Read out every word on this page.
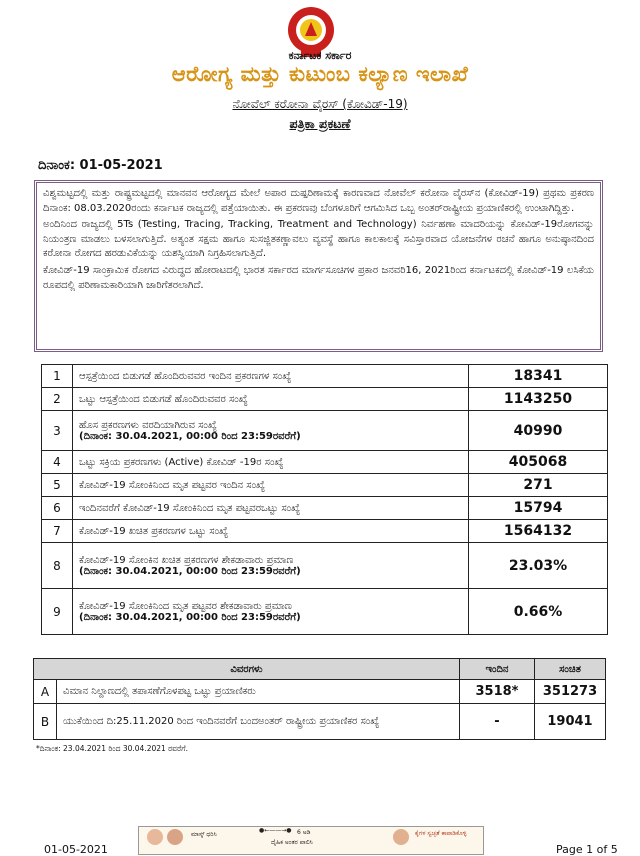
ಕರ್ನಾಟಕ ಸರ್ಕಾರ
ಆರೋಗ್ಯ ಮತ್ತು ಕುಟುಂಬ ಕಲ್ಯಾಣ ಇಲಾಖೆ
ನೋವೆಲ್ ಕರೋನಾ ವೈರಸ್ (ಕೋವಿಡ್-19)
ಪತ್ರಿಕಾ ಪ್ರಕಟಣೆ
ದಿನಾಂಕ: 01-05-2021

ವಿಶ್ವಮಟ್ಟದಲ್ಲಿ ಮತ್ತು ರಾಷ್ಟ್ರಮಟ್ಟದಲ್ಲಿ ಮಾನವನ ಆರೋಗ್ಯದ ಮೇಲೆ ಅಪಾರ ದುಷ್ಪರಿಣಾಮಕ್ಕೆ ಕಾರಣವಾದ ನೋವೆಲ್ ಕರೋನಾ ವೈರಸ್‌ನ (ಕೋವಿಡ್-19) ಪ್ರಥಮ ಪ್ರಕರಣ ದಿನಾಂಕ: 08.03.2020ರಂದು ಕರ್ನಾಟಕ ರಾಜ್ಯದಲ್ಲಿ ಪತ್ತೆಯಾಯಿತು. ಈ ಪ್ರಕರಣವು ಬೆಂಗಳೂರಿಗೆ ಆಗಮಿಸಿದ ಒಬ್ಬ ಅಂತರ್‌ರಾಷ್ಟ್ರೀಯ ಪ್ರಯಾಣಿಕರಲ್ಲಿ ಉಂಟಾಗಿದ್ದಿತ್ತು.

ಅಂದಿನಿಂದ ರಾಜ್ಯದಲ್ಲಿ 5Ts (Testing, Tracing, Tracking, Treatment and Technology) ನಿರ್ವಹಣಾ ಮಾದರಿಯನ್ನು ಕೋವಿಡ್-19ರೋಗವನ್ನು ನಿಯಂತ್ರಣ ಮಾಡಲು ಬಳಸಲಾಗುತ್ತಿದೆ. ಅತ್ಯಂತ ಸಕ್ಷಮ ಹಾಗೂ ಸುಸಜ್ಜಿತಕಣ್ಣಾವಲು ವ್ಯವಸ್ಥೆ ಹಾಗೂ ಕಾಲಕಾಲಕ್ಕೆ ಸವಿಸ್ತಾರವಾದ ಯೋಜನೆಗಳ ರಚನೆ ಹಾಗೂ ಅನುಷ್ಠಾನದಿಂದ ಕರೋನಾ ರೋಗದ ಹರಡುವಿಕೆಯನ್ನು ಯಶಸ್ವಿಯಾಗಿ ನಿಗ್ರಹಿಸಲಾಗುತ್ತಿದೆ.

ಕೋವಿಡ್-19 ಸಾಂಕ್ರಾಮಿಕ ರೋಗದ ವಿರುದ್ಧದ ಹೋರಾಟದಲ್ಲಿ ಭಾರತ ಸರ್ಕಾರದ ಮಾರ್ಗಸೂಚಿಗಳ ಪ್ರಕಾರ ಜನವರಿ16, 2021ರಿಂದ ಕರ್ನಾಟಕದಲ್ಲಿ ಕೋವಿಡ್-19 ಲಸಿಕೆಯ ರೂಪದಲ್ಲಿ ಪರಿಣಾಮಕಾರಿಯಾಗಿ ಜಾರಿಗೆತರಲಾಗಿದೆ.

1	ಆಸ್ಪತ್ರೆಯಿಂದ ಬಿಡುಗಡೆ ಹೊಂದಿರುವವರ ಇಂದಿನ ಪ್ರಕರಣಗಳ ಸಂಖ್ಯೆ	18341
2	ಒಟ್ಟು ಆಸ್ಪತ್ರೆಯಿಂದ ಬಿಡುಗಡೆ ಹೊಂದಿರುವವರ ಸಂಖ್ಯೆ	1143250
3	ಹೊಸ ಪ್ರಕರಣಗಳು ವರದಿಯಾಗಿರುವ ಸಂಖ್ಯೆ
(ದಿನಾಂಕ: 30.04.2021, 00:00 ರಿಂದ 23:59ರವರೆಗೆ)	40990
4	ಒಟ್ಟು ಸಕ್ರಿಯ ಪ್ರಕರಣಗಳು (Active) ಕೋವಿಡ್ -19ರ ಸಂಖ್ಯೆ	405068
5	ಕೋವಿಡ್-19 ಸೋಂಕಿನಿಂದ ಮೃತ ಪಟ್ಟವರ ಇಂದಿನ ಸಂಖ್ಯೆ	271
6	ಇಂದಿನವರೆಗೆ ಕೋವಿಡ್-19 ಸೋಂಕಿನಿಂದ ಮೃತ ಪಟ್ಟವರಒಟ್ಟು ಸಂಖ್ಯೆ	15794
7	ಕೋವಿಡ್-19 ಖಚಿತ ಪ್ರಕರಣಗಳ ಒಟ್ಟು ಸಂಖ್ಯೆ	1564132
8	ಕೋವಿಡ್-19 ಸೋಂಕಿನ ಖಚಿತ ಪ್ರಕರಣಗಳ ಶೇಕಡಾವಾರು ಪ್ರಮಾಣ
(ದಿನಾಂಕ: 30.04.2021, 00:00 ರಿಂದ 23:59ರವರೆಗೆ)	23.03%
9	ಕೋವಿಡ್-19 ಸೋಂಕಿನಿಂದ ಮೃತ ಪಟ್ಟವರ ಶೇಕಡಾವಾರು ಪ್ರಮಾಣ
(ದಿನಾಂಕ: 30.04.2021, 00:00 ರಿಂದ 23:59ರವರೆಗೆ)	0.66%
ವಿವರಗಳು		ಇಂದಿನ	ಸಂಚಿತ
A	ವಿಮಾನ ನಿಲ್ದಾಣದಲ್ಲಿ ತಪಾಸಣೆಗೊಳಪಟ್ಟ ಒಟ್ಟು ಪ್ರಯಾಣಿಕರು	3518*	351273
B	ಯುಕೆಯಿಂದ ದಿ:25.11.2020 ರಿಂದ ಇಂದಿನವರೆಗೆ ಬಂದಅಂತರ್ ರಾಷ್ಟ್ರೀಯ ಪ್ರಯಾಣಿಕರ ಸಂಖ್ಯೆ	-	19041
*ದಿನಾಂಕ: 23.04.2021 ರಿಂದ 30.04.2021 ರವರೆಗೆ.
01-05-2021
ಮಾಸ್ಕ್ ಧರಿಸಿ
●←——→● 6 ಅಡಿ
ದೈಹಿಕ ಅಂತರ ಪಾಲಿಸಿ
ಕೈಗಳ ಸ್ವಚ್ಛತೆ ಕಾಪಾಡಿಕೊಳ್ಳಿ
Page 1 of 5
